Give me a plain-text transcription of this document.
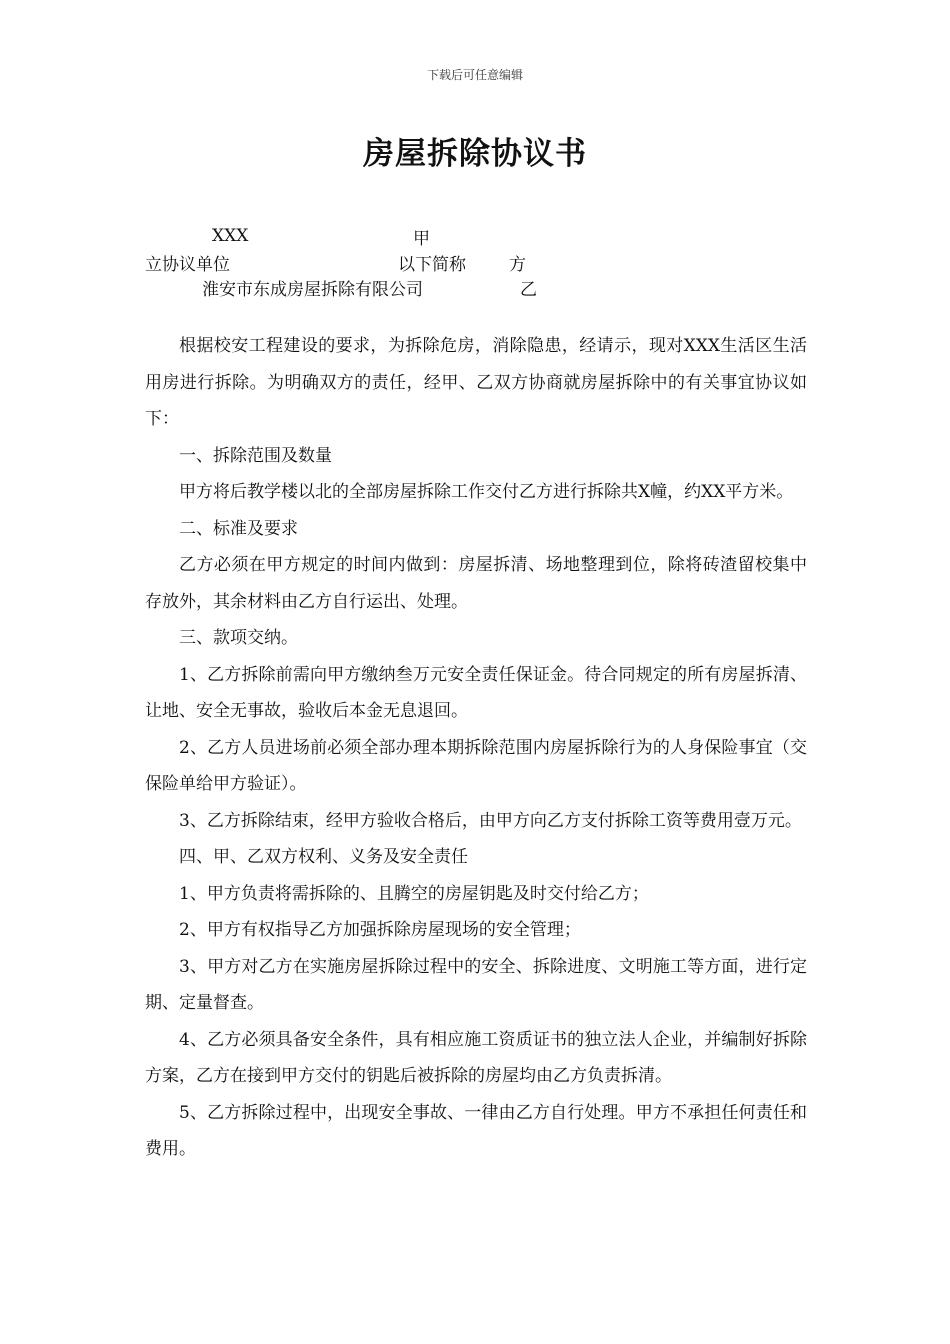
下载后可任意编辑
房屋拆除协议书
XXX	甲
立协议单位	以下简称	方
淮安市东成房屋拆除有限公司	乙

根据校安工程建设的要求，为拆除危房，消除隐患，经请示，现对XXX生活区生活用房进行拆除。为明确双方的责任，经甲、乙双方协商就房屋拆除中的有关事宜协议如下：

一、拆除范围及数量

甲方将后教学楼以北的全部房屋拆除工作交付乙方进行拆除共X幢，约XX平方米。

二、标准及要求

乙方必须在甲方规定的时间内做到：房屋拆清、场地整理到位，除将砖渣留校集中存放外，其余材料由乙方自行运出、处理。

三、款项交纳。

1、乙方拆除前需向甲方缴纳叁万元安全责任保证金。待合同规定的所有房屋拆清、让地、安全无事故，验收后本金无息退回。

2、乙方人员进场前必须全部办理本期拆除范围内房屋拆除行为的人身保险事宜（交保险单给甲方验证）。

3、乙方拆除结束，经甲方验收合格后，由甲方向乙方支付拆除工资等费用壹万元。

四、甲、乙双方权利、义务及安全责任

1、甲方负责将需拆除的、且腾空的房屋钥匙及时交付给乙方；

2、甲方有权指导乙方加强拆除房屋现场的安全管理；

3、甲方对乙方在实施房屋拆除过程中的安全、拆除进度、文明施工等方面，进行定期、定量督查。

4、乙方必须具备安全条件，具有相应施工资质证书的独立法人企业，并编制好拆除方案，乙方在接到甲方交付的钥匙后被拆除的房屋均由乙方负责拆清。

5、乙方拆除过程中，出现安全事故、一律由乙方自行处理。甲方不承担任何责任和费用。
